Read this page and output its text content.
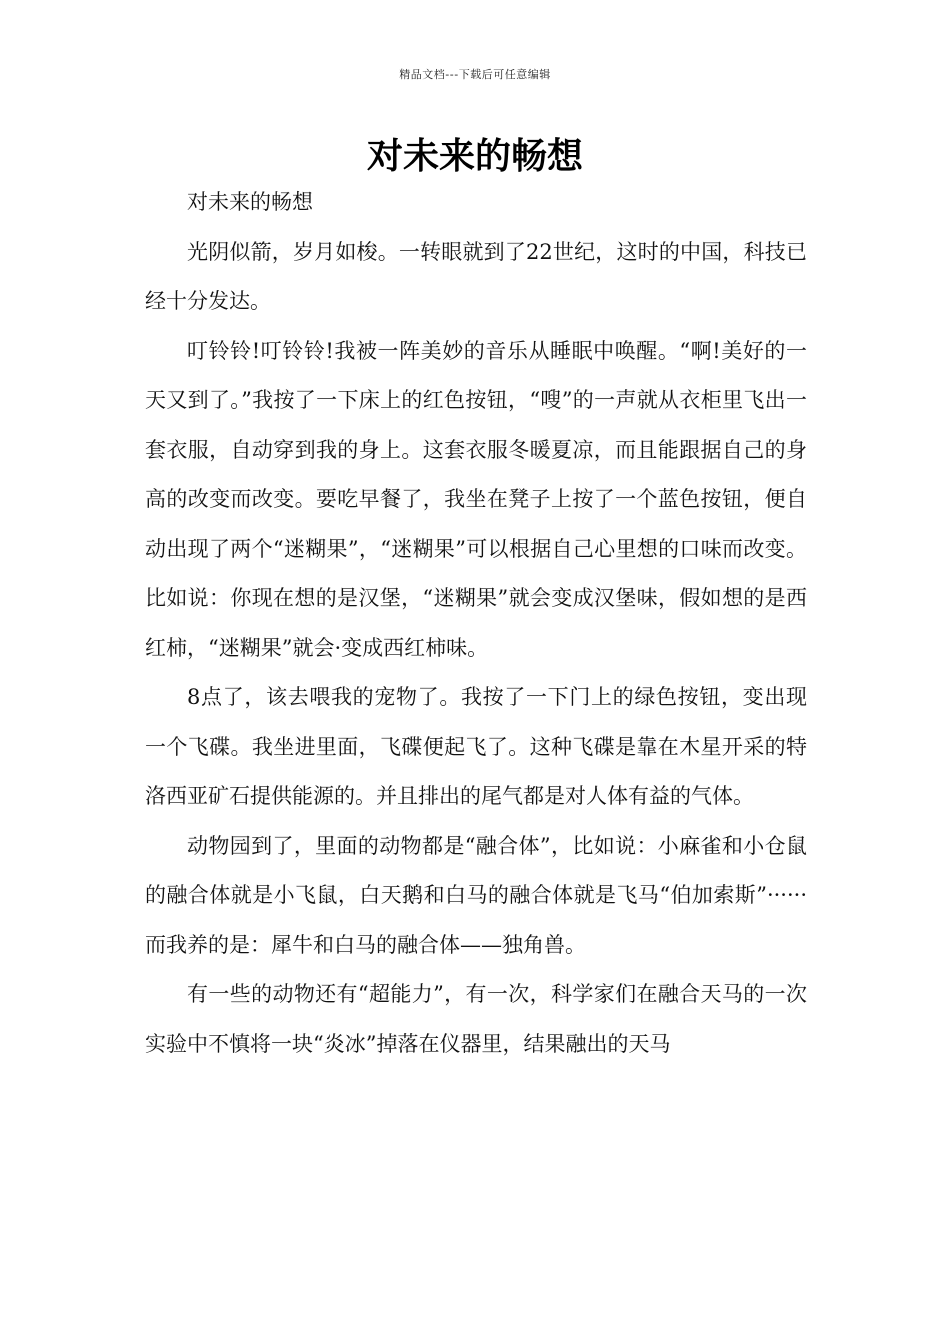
精品文档---下载后可任意编辑
对未来的畅想

对未来的畅想

光阴似箭，岁月如梭。一转眼就到了22世纪，这时的中国，科技已经十分发达。

叮铃铃!叮铃铃!我被一阵美妙的音乐从睡眠中唤醒。“啊!美好的一天又到了。”我按了一下床上的红色按钮，“嗖”的一声就从衣柜里飞出一套衣服，自动穿到我的身上。这套衣服冬暖夏凉，而且能跟据自己的身高的改变而改变。要吃早餐了，我坐在凳子上按了一个蓝色按钮，便自动出现了两个“迷糊果”，“迷糊果”可以根据自己心里想的口味而改变。比如说：你现在想的是汉堡，“迷糊果”就会变成汉堡味，假如想的是西红柿，“迷糊果”就会·变成西红柿味。

8点了，该去喂我的宠物了。我按了一下门上的绿色按钮，变出现一个飞碟。我坐进里面，飞碟便起飞了。这种飞碟是靠在木星开采的特洛西亚矿石提供能源的。并且排出的尾气都是对人体有益的气体。

动物园到了，里面的动物都是“融合体”，比如说：小麻雀和小仓鼠的融合体就是小飞鼠，白天鹅和白马的融合体就是飞马“伯加索斯”······而我养的是：犀牛和白马的融合体——独角兽。

有一些的动物还有“超能力”，有一次，科学家们在融合天马的一次实验中不慎将一块“炎冰”掉落在仪器里，结果融出的天马
